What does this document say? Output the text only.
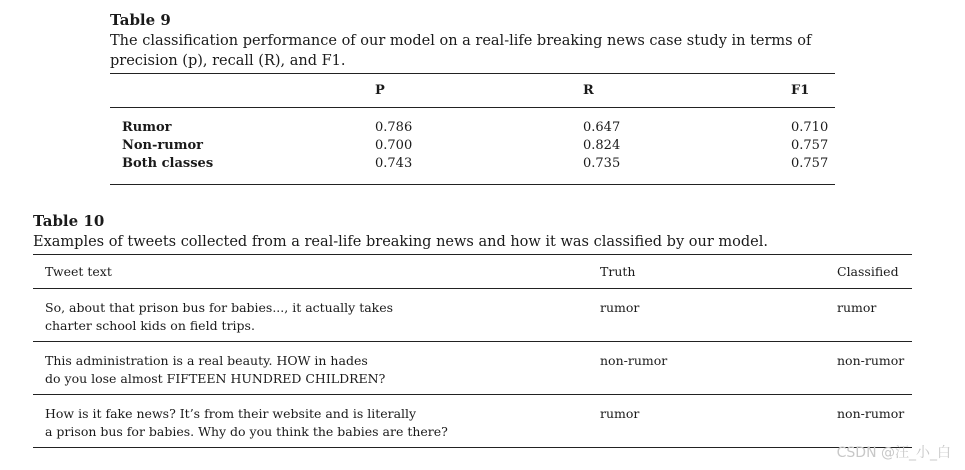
Table 9
The classification performance of our model on a real-life breaking news case study in terms of precision (p), recall (R), and F1.
	P	R	F1
Rumor	0.786	0.647	0.710
Non-rumor	0.700	0.824	0.757
Both classes	0.743	0.735	0.757
Table 10
Examples of tweets collected from a real-life breaking news and how it was classified by our model.
Tweet text	Truth	Classified
So, about that prison bus for babies..., it actually takes
charter school kids on field trips.	rumor	rumor
This administration is a real beauty. HOW in hades
do you lose almost FIFTEEN HUNDRED CHILDREN?	non-rumor	non-rumor
How is it fake news? It’s from their website and is literally
a prison bus for babies. Why do you think the babies are there?	rumor	non-rumor
CSDN @汪_小_白
